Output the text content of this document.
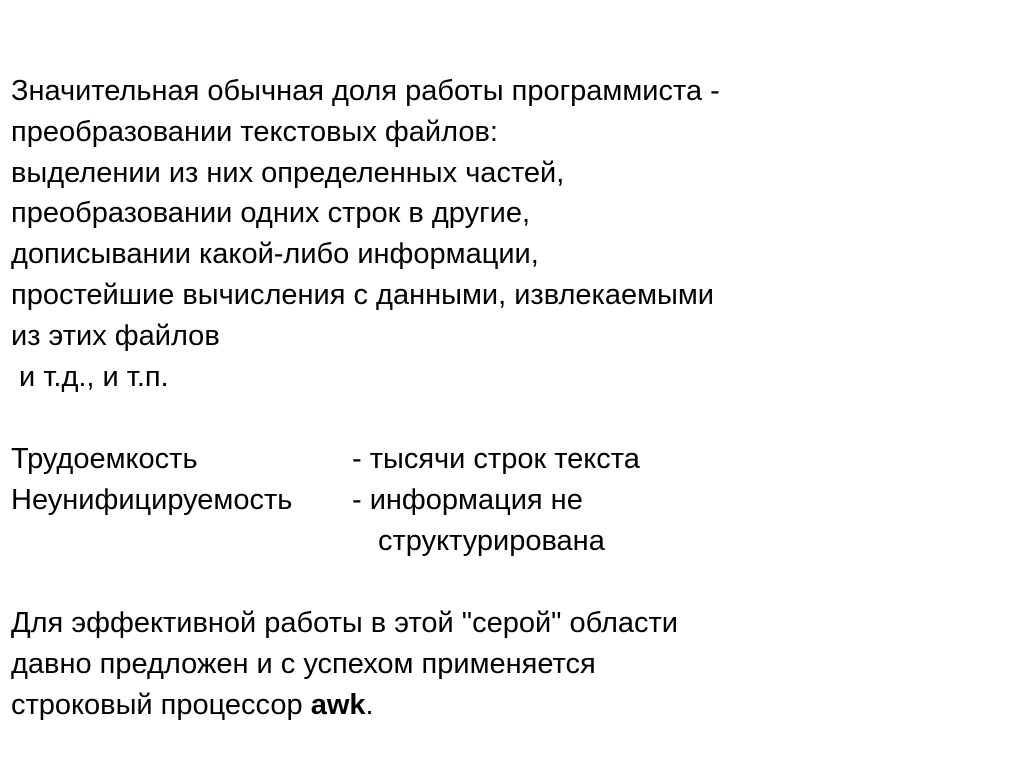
Значительная обычная доля работы программиста -
преобразовании текстовых файлов:
выделении из них определенных частей,
преобразовании одних строк в другие,
дописывании какой-либо информации,
простейшие вычисления с данными, извлекаемыми
из этих файлов
и т.д., и т.п.
Трудоемкость	- тысячи строк текста
Неунифицируемость - информация не
структурирована
Для эффективной работы в этой "серой" области
давно предложен и с успехом применяется
строковый процессор awk.
